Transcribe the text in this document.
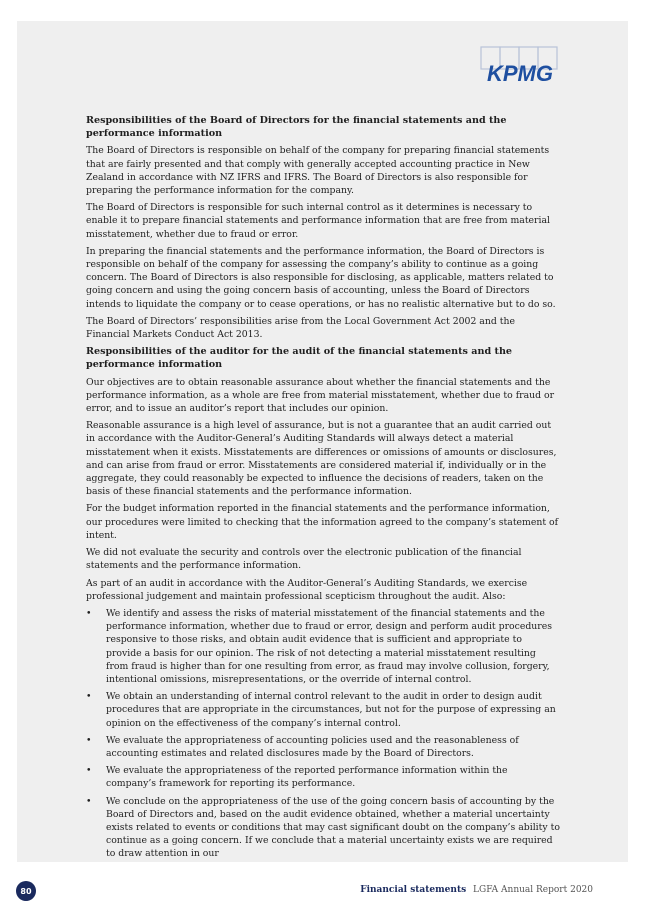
KPMG
Responsibilities of the Board of Directors for the financial statements and the performance information

The Board of Directors is responsible on behalf of the company for preparing financial statements that are fairly presented and that comply with generally accepted accounting practice in New Zealand in accordance with NZ IFRS and IFRS. The Board of Directors is also responsible for preparing the performance information for the company.

The Board of Directors is responsible for such internal control as it determines is necessary to enable it to prepare financial statements and performance information that are free from material misstatement, whether due to fraud or error.

In preparing the financial statements and the performance information, the Board of Directors is responsible on behalf of the company for assessing the company’s ability to continue as a going concern. The Board of Directors is also responsible for disclosing, as applicable, matters related to going concern and using the going concern basis of accounting, unless the Board of Directors intends to liquidate the company or to cease operations, or has no realistic alternative but to do so.

The Board of Directors’ responsibilities arise from the Local Government Act 2002 and the Financial Markets Conduct Act 2013.

Responsibilities of the auditor for the audit of the financial statements and the performance information

Our objectives are to obtain reasonable assurance about whether the financial statements and the performance information, as a whole are free from material misstatement, whether due to fraud or error, and to issue an auditor’s report that includes our opinion.

Reasonable assurance is a high level of assurance, but is not a guarantee that an audit carried out in accordance with the Auditor-General’s Auditing Standards will always detect a material misstatement when it exists. Misstatements are differences or omissions of amounts or disclosures, and can arise from fraud or error. Misstatements are considered material if, individually or in the aggregate, they could reasonably be expected to influence the decisions of readers, taken on the basis of these financial statements and the performance information.

For the budget information reported in the financial statements and the performance information, our procedures were limited to checking that the information agreed to the company’s statement of intent.

We did not evaluate the security and controls over the electronic publication of the financial statements and the performance information.

As part of an audit in accordance with the Auditor-General’s Auditing Standards, we exercise professional judgement and maintain professional scepticism throughout the audit. Also:

• We identify and assess the risks of material misstatement of the financial statements and the performance information, whether due to fraud or error, design and perform audit procedures responsive to those risks, and obtain audit evidence that is sufficient and appropriate to provide a basis for our opinion. The risk of not detecting a material misstatement resulting from fraud is higher than for one resulting from error, as fraud may involve collusion, forgery, intentional omissions, misrepresentations, or the override of internal control.
• We obtain an understanding of internal control relevant to the audit in order to design audit procedures that are appropriate in the circumstances, but not for the purpose of expressing an opinion on the effectiveness of the company’s internal control.
• We evaluate the appropriateness of accounting policies used and the reasonableness of accounting estimates and related disclosures made by the Board of Directors.
• We evaluate the appropriateness of the reported performance information within the company’s framework for reporting its performance.
• We conclude on the appropriateness of the use of the going concern basis of accounting by the Board of Directors and, based on the audit evidence obtained, whether a material uncertainty exists related to events or conditions that may cast significant doubt on the company’s ability to continue as a going concern. If we conclude that a material uncertainty exists we are required to draw attention in our
80	Financial statements LGFA Annual Report 2020
